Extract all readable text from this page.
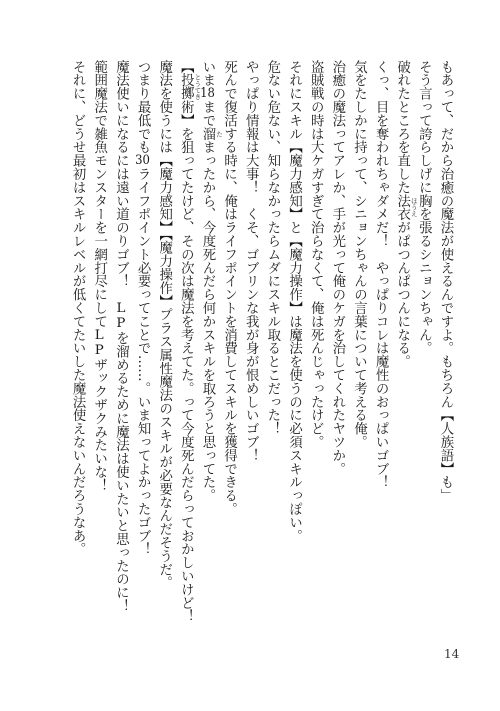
もあって、だから治癒の魔法が使えるんですよ。もちろん【人族語】も」
そう言って誇らしげに胸を張るシニョンちゃん。
破れたところを直した法衣 ほうえ
がぱつんぱつんになる。
くっ、目を奪われちゃダメだ！　やっぱりコレは魔性のおっぱいゴブ！
気をたしかに持って、シニョンちゃんの言葉について考える俺。
治癒の魔法ってアレか、手が光って俺のケガを治してくれたヤツか。
盗賊戦の時は大ケガすぎて治らなくて、俺は死んじゃったけど。
それにスキル【魔力感知】と【魔力操作】は魔法を使うのに必須スキルっぽい。
危ない危ない、知らなかったらムダにスキル取るとこだった！
やっぱり情報は大事！　くそ、ゴブリンな我が身が恨めしいゴブ！
死んで復活する時に、俺はライフポイントを消費してスキルを獲得できる。
いま18まで溜 た
まったから、今度死んだら何かスキルを取ろうと思ってた。
【投擲 とうてき
術】を狙ってたけど、その次は魔法を考えてた。って今度死んだらっておかしいけど！
魔法を使うには【魔力感知】【魔力操作】プラス属性魔法のスキルが必要なんだそうだ。
つまり最低でも30ライフポイント必要ってことで……。いま知ってよかったゴブ！
魔法使いになるには遠い道のりゴブ！　LPを溜めるために魔法は使いたいと思ったのに！
範囲魔法で雑魚モンスターを一網打尽にしてLPザックザクみたいな！
それに、どうせ最初はスキルレベルが低くてたいした魔法使えないんだろうなあ。
14
